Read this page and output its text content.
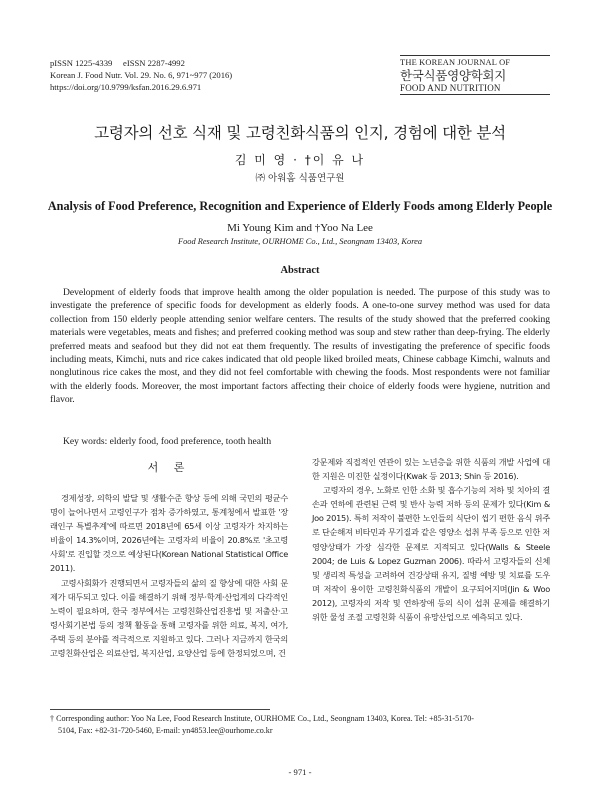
pISSN 1225-4339     eISSN 2287-4992
Korean J. Food Nutr. Vol. 29. No. 6, 971~977 (2016)
https://doi.org/10.9799/ksfan.2016.29.6.971
THE KOREAN JOURNAL OF
한국식품영양학회지
FOOD AND NUTRITION
고령자의 선호 식재 및 고령친화식품의 인지, 경험에 대한 분석
김 미 영 · †이 유 나
㈜ 아워홈 식품연구원
Analysis of Food Preference, Recognition and Experience of Elderly Foods among Elderly People
Mi Young Kim and †Yoo Na Lee
Food Research Institute, OURHOME Co., Ltd., Seongnam 13403, Korea
Abstract

Development of elderly foods that improve health among the older population is needed. The purpose of this study was to investigate the preference of specific foods for development as elderly foods. A one-to-one survey method was used for data collection from 150 elderly people attending senior welfare centers. The results of the study showed that the preferred cooking materials were vegetables, meats and fishes; and preferred cooking method was soup and stew rather than deep-frying. The elderly preferred meats and seafood but they did not eat them frequently. The results of investigating the preference of specific foods including meats, Kimchi, nuts and rice cakes indicated that old people liked broiled meats, Chinese cabbage Kimchi, walnuts and nonglutinous rice cakes the most, and they did not feel comfortable with chewing the foods. Most respondents were not familiar with the elderly foods. Moreover, the most important factors affecting their choice of elderly foods were hygiene, nutrition and flavor.

Key words: elderly food, food preference, tooth health
서 론

경제성장, 의학의 발달 및 생활수준 향상 등에 의해 국민의 평균수명이 늘어나면서 고령인구가 점차 증가하였고, 통계청에서 발표한 '장래인구 특별추계'에 따르면 2018년에 65세 이상 고령자가 차지하는 비율이 14.3%이며, 2026년에는 고령자의 비율이 20.8%로 '초고령 사회'로 진입할 것으로 예상된다(Korean National Statistical Office 2011).

고령사회화가 진행되면서 고령자들의 삶의 질 향상에 대한 사회 문제가 대두되고 있다. 이를 해결하기 위해 정부·학계·산업계의 다각적인 노력이 필요하며, 한국 정부에서는 고령친화산업진흥법 및 저출산·고령사회기본법 등의 정책 활동을 통해 고령자를 위한 의료, 복지, 여가, 주택 등의 분야를 적극적으로 지원하고 있다. 그러나 지금까지 한국의 고령친화산업은 의료산업, 복지산업, 요양산업 등에 한정되었으며, 건

강문제와 직접적인 연관이 있는 노년층을 위한 식품의 개발 사업에 대한 지원은 미진한 실정이다(Kwak 등 2013; Shin 등 2016).

고령자의 경우, 노화로 인한 소화 및 흡수기능의 저하 및 치아의 결손과 연하에 관련된 근력 및 반사 능력 저하 등의 문제가 있다(Kim & Joo 2015). 특히 저작이 불편한 노인들의 식단이 씹기 편한 음식 위주로 단순해져 비타민과 무기질과 같은 영양소 섭취 부족 등으로 인한 저영양상태가 가장 심각한 문제로 지적되고 있다(Walls & Steele 2004; de Luis & Lopez Guzman 2006). 따라서 고령자들의 신체 및 생리적 특성을 고려하여 건강상태 유지, 질병 예방 및 치료를 도우며 저작이 용이한 고령친화식품의 개발이 요구되어지며(Jin & Woo 2012), 고령자의 저작 및 연하장애 등의 식이 섭취 문제를 해결하기 위한 물성 조절 고령친화 식품이 유망산업으로 예측되고 있다.

† Corresponding author: Yoo Na Lee, Food Research Institute, OURHOME Co., Ltd., Seongnam 13403, Korea. Tel: +85-31-5170-
5104, Fax: +82-31-720-5460, E-mail: yn4853.lee@ourhome.co.kr
- 971 -
